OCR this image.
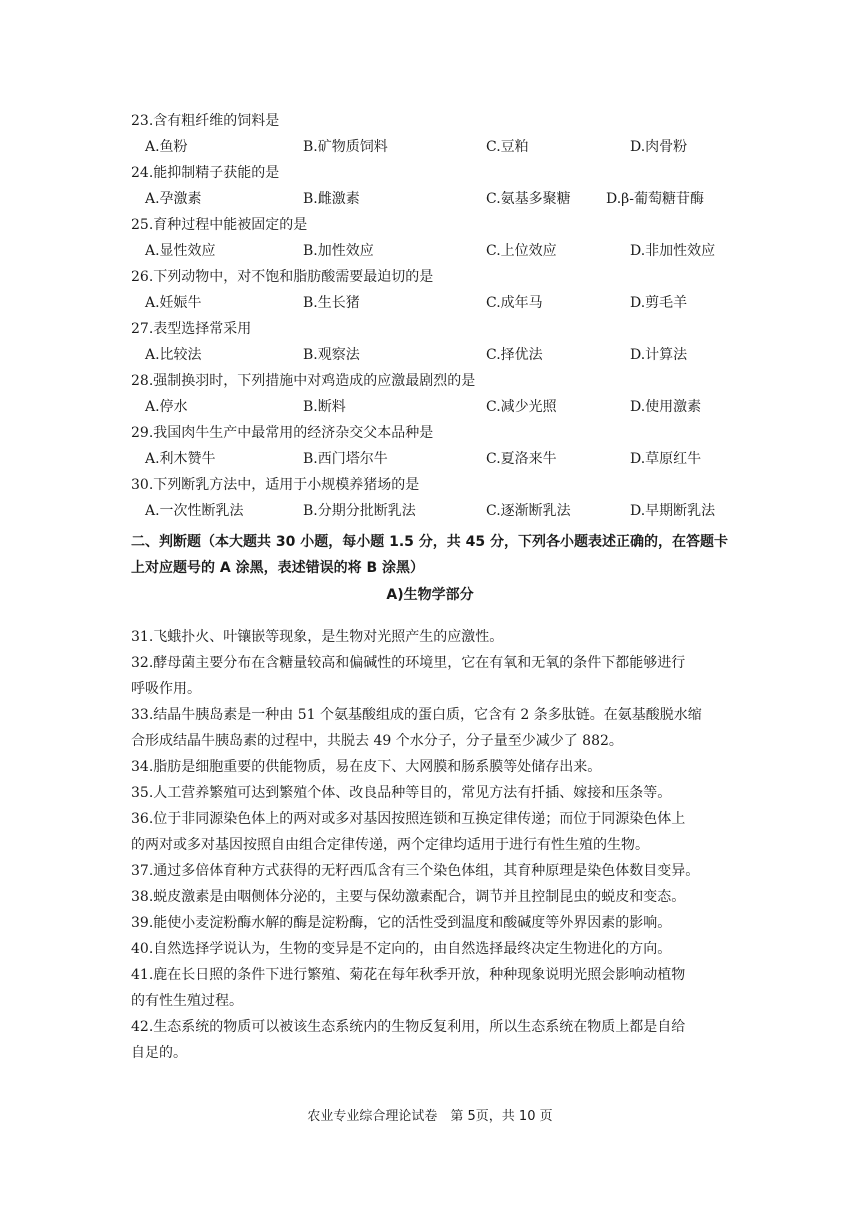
23.含有粗纤维的饲料是
A.鱼粉	B.矿物质饲料	C.豆粕	D.肉骨粉
24.能抑制精子获能的是
A.孕激素	B.雌激素	C.氨基多聚糖	D.β-葡萄糖苷酶
25.育种过程中能被固定的是
A.显性效应	B.加性效应	C.上位效应	D.非加性效应
26.下列动物中，对不饱和脂肪酸需要最迫切的是
A.妊娠牛	B.生长猪	C.成年马	D.剪毛羊
27.表型选择常采用
A.比较法	B.观察法	C.择优法	D.计算法
28.强制换羽时，下列措施中对鸡造成的应激最剧烈的是
A.停水	B.断料	C.减少光照	D.使用激素
29.我国肉牛生产中最常用的经济杂交父本品种是
A.利木赞牛	B.西门塔尔牛	C.夏洛来牛	D.草原红牛
30.下列断乳方法中，适用于小规模养猪场的是
A.一次性断乳法	B.分期分批断乳法	C.逐渐断乳法	D.早期断乳法
二、判断题（本大题共 30 小题，每小题 1.5 分，共 45 分，下列各小题表述正确的，在答题卡上对应题号的 A 涂黑，表述错误的将 B 涂黑）
A)生物学部分
31.飞蛾扑火、叶镶嵌等现象，是生物对光照产生的应激性。
32.酵母菌主要分布在含糖量较高和偏碱性的环境里，它在有氧和无氧的条件下都能够进行
呼吸作用。
33.结晶牛胰岛素是一种由 51 个氨基酸组成的蛋白质，它含有 2 条多肽链。在氨基酸脱水缩
合形成结晶牛胰岛素的过程中，共脱去 49 个水分子，分子量至少减少了 882。
34.脂肪是细胞重要的供能物质，易在皮下、大网膜和肠系膜等处储存出来。
35.人工营养繁殖可达到繁殖个体、改良品种等目的，常见方法有扦插、嫁接和压条等。
36.位于非同源染色体上的两对或多对基因按照连锁和互换定律传递；而位于同源染色体上
的两对或多对基因按照自由组合定律传递，两个定律均适用于进行有性生殖的生物。
37.通过多倍体育种方式获得的无籽西瓜含有三个染色体组，其育种原理是染色体数目变异。
38.蜕皮激素是由咽侧体分泌的，主要与保幼激素配合，调节并且控制昆虫的蜕皮和变态。
39.能使小麦淀粉酶水解的酶是淀粉酶，它的活性受到温度和酸碱度等外界因素的影响。
40.自然选择学说认为，生物的变异是不定向的，由自然选择最终决定生物进化的方向。
41.鹿在长日照的条件下进行繁殖、菊花在每年秋季开放，种种现象说明光照会影响动植物
的有性生殖过程。
42.生态系统的物质可以被该生态系统内的生物反复利用，所以生态系统在物质上都是自给
自足的。
农业专业综合理论试卷　第 5页，共 10 页
